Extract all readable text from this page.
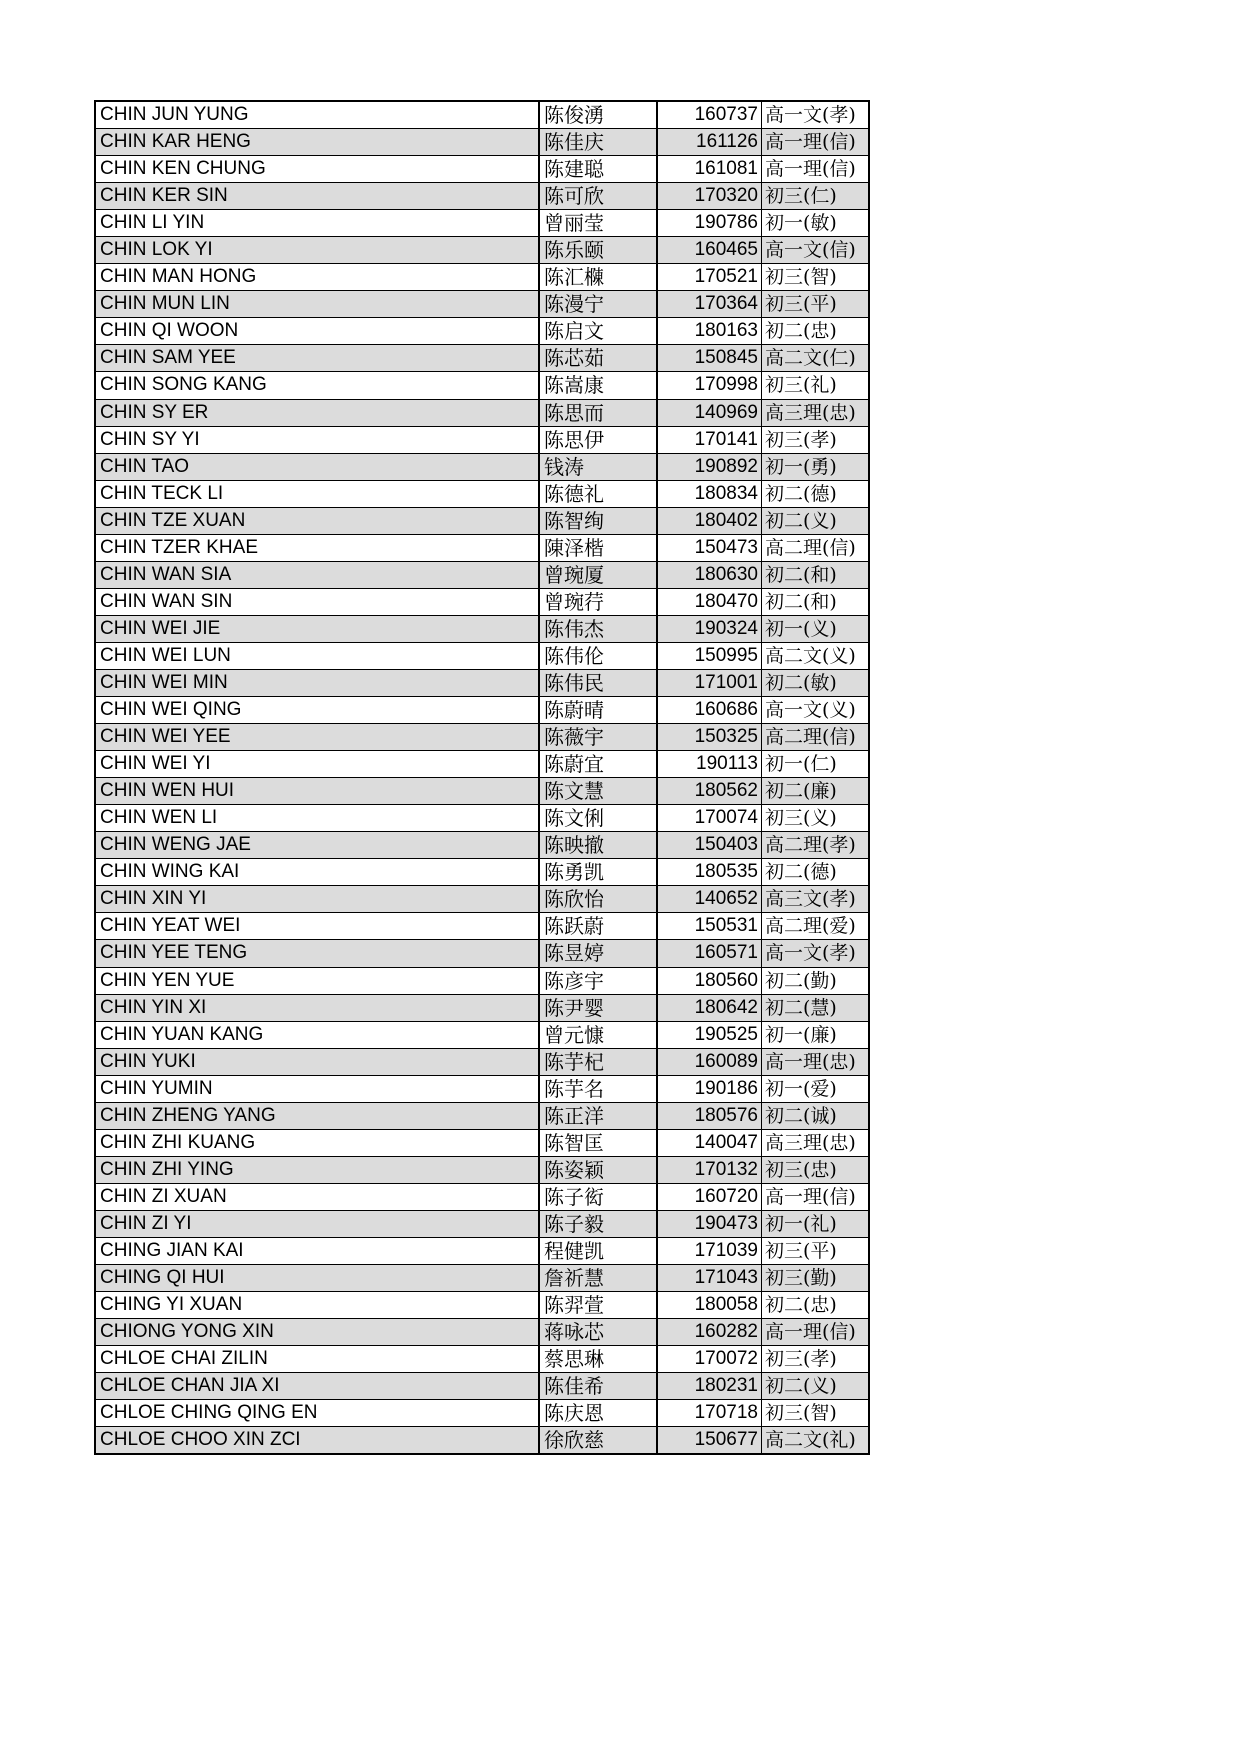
CHIN JUN YUNG	陈俊湧	160737	高一文(孝)
CHIN KAR HENG	陈佳庆	161126	高一理(信)
CHIN KEN CHUNG	陈建聪	161081	高一理(信)
CHIN KER SIN	陈可欣	170320	初三(仁)
CHIN LI YIN	曾丽莹	190786	初一(敏)
CHIN LOK YI	陈乐颐	160465	高一文(信)
CHIN MAN HONG	陈汇樄	170521	初三(智)
CHIN MUN LIN	陈漫宁	170364	初三(平)
CHIN QI WOON	陈启文	180163	初二(忠)
CHIN SAM YEE	陈芯茹	150845	高二文(仁)
CHIN SONG KANG	陈嵩康	170998	初三(礼)
CHIN SY ER	陈思而	140969	高三理(忠)
CHIN SY YI	陈思伊	170141	初三(孝)
CHIN TAO	钱涛	190892	初一(勇)
CHIN TECK LI	陈德礼	180834	初二(德)
CHIN TZE XUAN	陈智绚	180402	初二(义)
CHIN TZER KHAE	陳泽楷	150473	高二理(信)
CHIN WAN SIA	曾琬厦	180630	初二(和)
CHIN WAN SIN	曾琬荇	180470	初二(和)
CHIN WEI JIE	陈伟杰	190324	初一(义)
CHIN WEI LUN	陈伟伦	150995	高二文(义)
CHIN WEI MIN	陈伟民	171001	初二(敏)
CHIN WEI QING	陈蔚晴	160686	高一文(义)
CHIN WEI YEE	陈薇宇	150325	高二理(信)
CHIN WEI YI	陈蔚宜	190113	初一(仁)
CHIN WEN HUI	陈文慧	180562	初二(廉)
CHIN WEN LI	陈文俐	170074	初三(义)
CHIN WENG JAE	陈映撤	150403	高二理(孝)
CHIN WING KAI	陈勇凯	180535	初二(德)
CHIN XIN YI	陈欣怡	140652	高三文(孝)
CHIN YEAT WEI	陈跃蔚	150531	高二理(爱)
CHIN YEE TENG	陈昱婷	160571	高一文(孝)
CHIN YEN YUE	陈彦宇	180560	初二(勤)
CHIN YIN XI	陈尹婴	180642	初二(慧)
CHIN YUAN KANG	曾元慷	190525	初一(廉)
CHIN YUKI	陈芋杞	160089	高一理(忠)
CHIN YUMIN	陈芋名	190186	初一(爱)
CHIN ZHENG YANG	陈正洋	180576	初二(诚)
CHIN ZHI KUANG	陈智匡	140047	高三理(忠)
CHIN ZHI YING	陈姿颖	170132	初三(忠)
CHIN ZI XUAN	陈子衒	160720	高一理(信)
CHIN ZI YI	陈子毅	190473	初一(礼)
CHING JIAN KAI	程健凯	171039	初三(平)
CHING QI HUI	詹祈慧	171043	初三(勤)
CHING YI XUAN	陈羿萱	180058	初二(忠)
CHIONG YONG XIN	蒋咏芯	160282	高一理(信)
CHLOE CHAI ZILIN	蔡思琳	170072	初三(孝)
CHLOE CHAN JIA XI	陈佳希	180231	初二(义)
CHLOE CHING QING EN	陈庆恩	170718	初三(智)
CHLOE CHOO XIN ZCI	徐欣慈	150677	高二文(礼)
